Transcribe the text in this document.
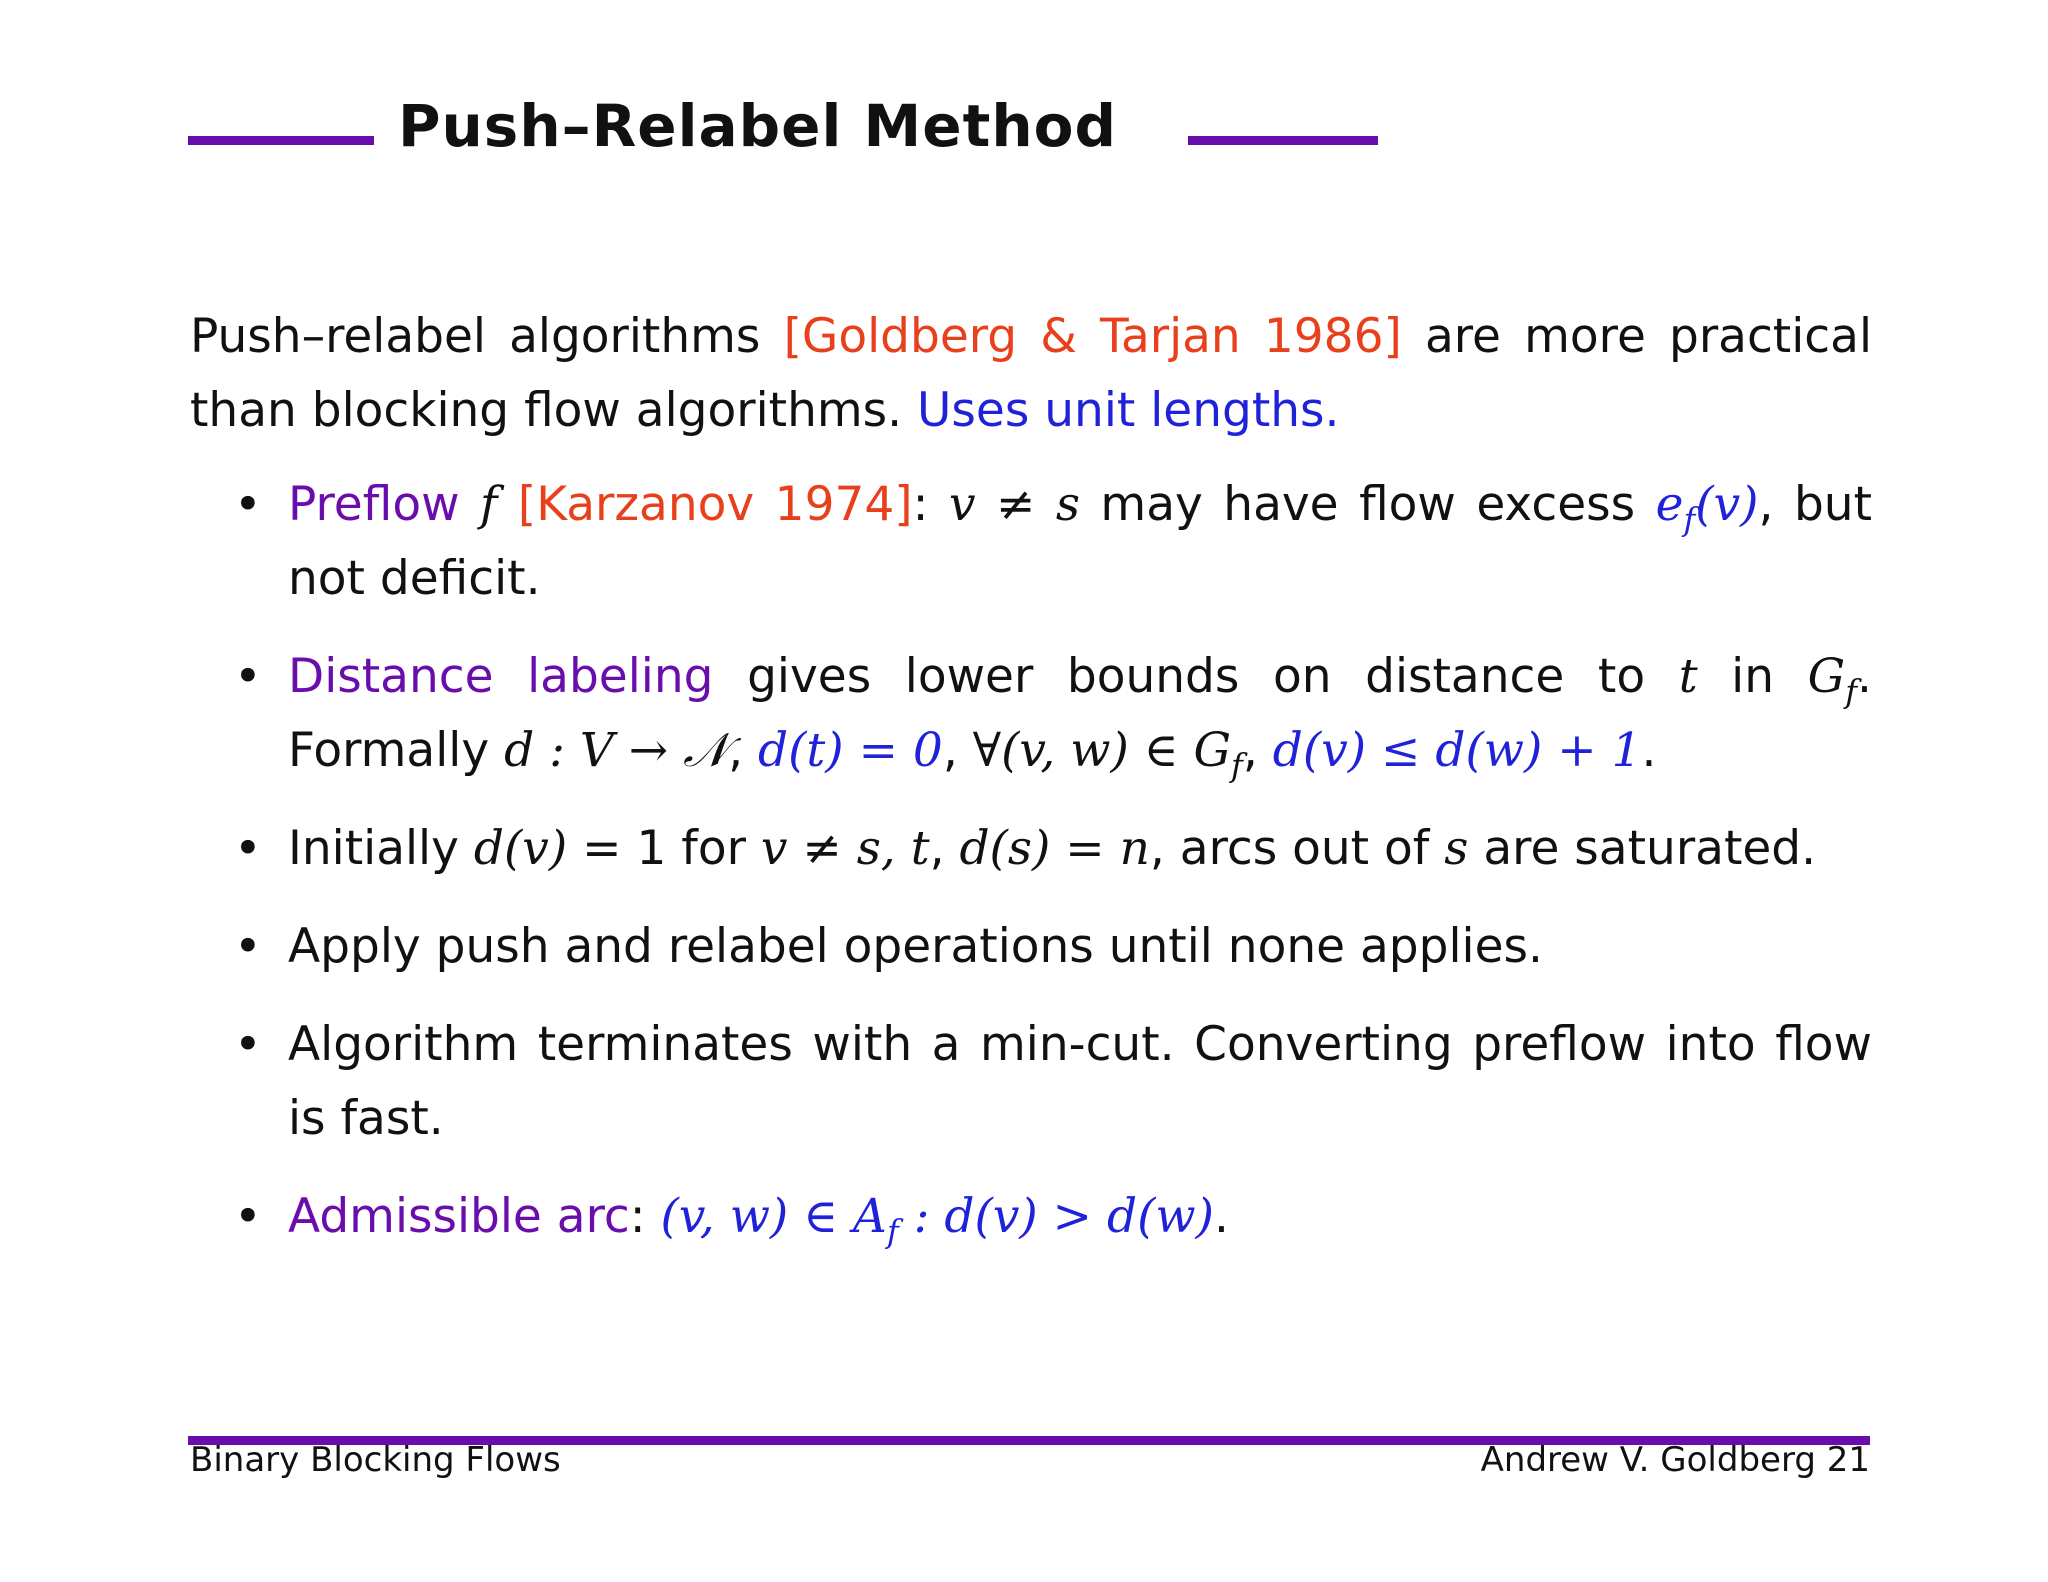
Push–Relabel Method

Push–relabel algorithms [Goldberg & Tarjan 1986] are more practical than blocking flow algorithms. Uses unit lengths.

• Preflow f [Karzanov 1974]: v ≠ s may have flow excess $e_f(v)$, but not deficit.

• Distance labeling gives lower bounds on distance to t in $G_f$. Formally d : V → 𝒩, d(t) = 0, ∀(v, w) ∈ $G_f$, d(v) ≤ d(w) + 1.

• Initially d(v) = 1 for v ≠ s, t, d(s) = n, arcs out of s are saturated.

• Apply push and relabel operations until none applies.

• Algorithm terminates with a min-cut. Converting preflow into flow is fast.

• Admissible arc: (v, w) ∈ $A_f$ : d(v) > d(w).

Binary Blocking Flows	Andrew V. Goldberg 21
